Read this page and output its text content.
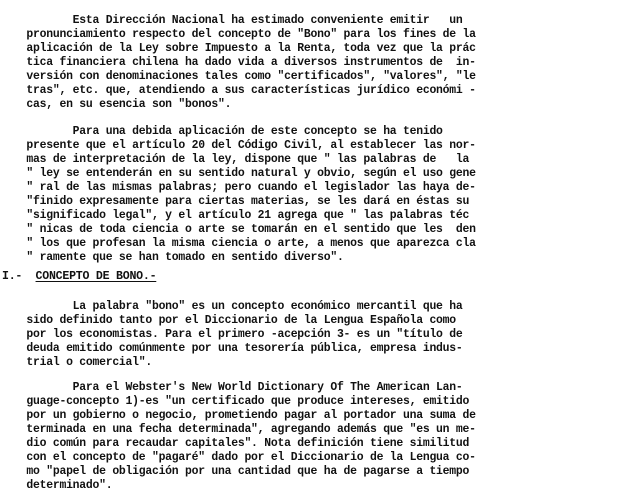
Esta Dirección Nacional ha estimado conveniente emitir   un
pronunciamiento respecto del concepto de "Bono" para los fines de la
aplicación de la Ley sobre Impuesto a la Renta, toda vez que la prác
tica financiera chilena ha dado vida a diversos instrumentos de  in-
versión con denominaciones tales como "certificados", "valores", "le
tras", etc. que, atendiendo a sus características jurídico económi -
cas, en su esencia son "bonos".
Para una debida aplicación de este concepto se ha tenido
presente que el artículo 20 del Código Civil, al establecer las nor-
mas de interpretación de la ley, dispone que " las palabras de   la
" ley se entenderán en su sentido natural y obvio, según el uso gene
" ral de las mismas palabras; pero cuando el legislador las haya de-
"finido expresamente para ciertas materias, se les dará en éstas su
"significado legal", y el artículo 21 agrega que " las palabras téc
" nicas de toda ciencia o arte se tomarán en el sentido que les  den
" los que profesan la misma ciencia o arte, a menos que aparezca cla
" ramente que se han tomado en sentido diverso".
I.- CONCEPTO DE BONO.-
La palabra "bono" es un concepto económico mercantil que ha
sido definido tanto por el Diccionario de la Lengua Española como
por los economistas. Para el primero -acepción 3- es un "título de
deuda emitido comúnmente por una tesorería pública, empresa indus-
trial o comercial".
Para el Webster's New World Dictionary Of The American Lan-
guage-concepto 1)-es "un certificado que produce intereses, emitido
por un gobierno o negocio, prometiendo pagar al portador una suma de
terminada en una fecha determinada", agregando además que "es un me-
dio común para recaudar capitales". Nota definición tiene similitud
con el concepto de "pagaré" dado por el Diccionario de la Lengua co-
mo "papel de obligación por una cantidad que ha de pagarse a tiempo
determinado".
